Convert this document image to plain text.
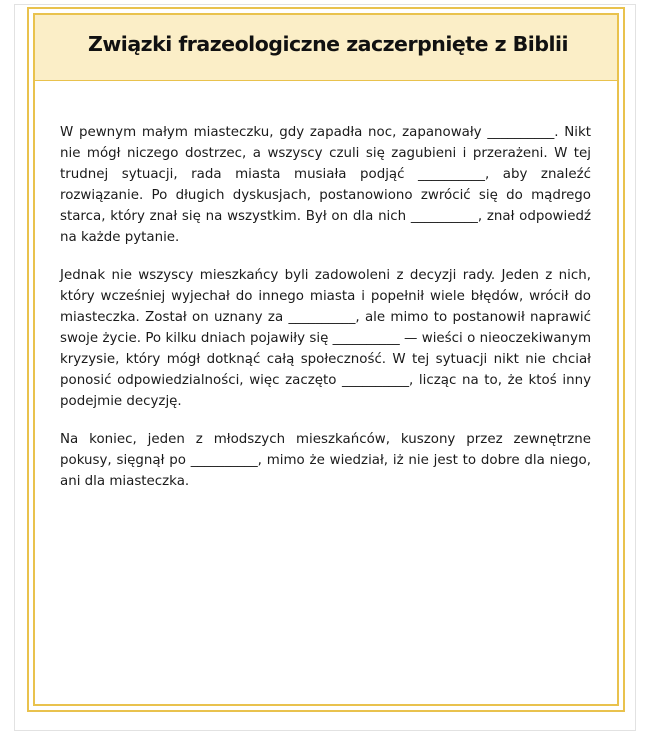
Związki frazeologiczne zaczerpnięte z Biblii

W pewnym małym miasteczku, gdy zapadła noc, zapanowały __________. Nikt nie mógł niczego dostrzec, a wszyscy czuli się zagubieni i przerażeni. W tej trudnej sytuacji, rada miasta musiała podjąć __________, aby znaleźć rozwiązanie. Po długich dyskusjach, postanowiono zwrócić się do mądrego starca, który znał się na wszystkim. Był on dla nich __________, znał odpowiedź na każde pytanie.

Jednak nie wszyscy mieszkańcy byli zadowoleni z decyzji rady. Jeden z nich, który wcześniej wyjechał do innego miasta i popełnił wiele błędów, wrócił do miasteczka. Został on uznany za __________, ale mimo to postanowił naprawić swoje życie. Po kilku dniach pojawiły się __________ — wieści o nieoczekiwanym kryzysie, który mógł dotknąć całą społeczność. W tej sytuacji nikt nie chciał ponosić odpowiedzialności, więc zaczęto __________, licząc na to, że ktoś inny podejmie decyzję.

Na koniec, jeden z młodszych mieszkańców, kuszony przez zewnętrzne pokusy, sięgnął po __________, mimo że wiedział, iż nie jest to dobre dla niego, ani dla miasteczka.
